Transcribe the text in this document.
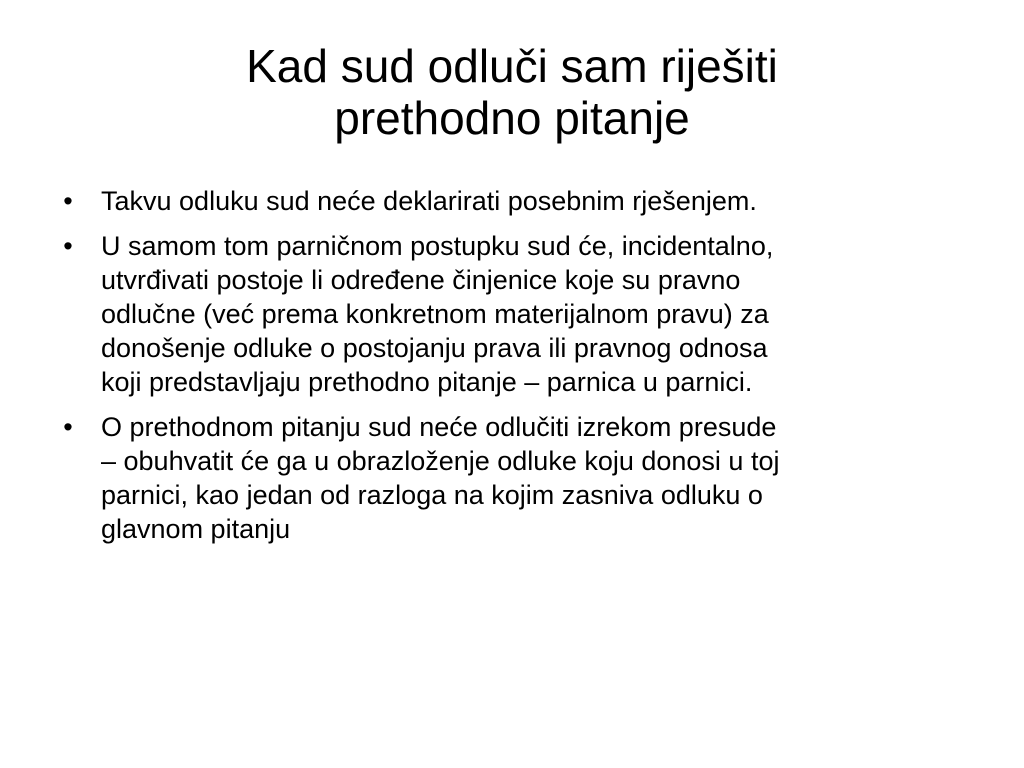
Kad sud odluči sam riješiti
prethodno pitanje
• Takvu odluku sud neće deklarirati posebnim rješenjem.
• U samom tom parničnom postupku sud će, incidentalno,
utvrđivati postoje li određene činjenice koje su pravno
odlučne (već prema konkretnom materijalnom pravu) za
donošenje odluke o postojanju prava ili pravnog odnosa
koji predstavljaju prethodno pitanje – parnica u parnici.
• O prethodnom pitanju sud neće odlučiti izrekom presude
– obuhvatit će ga u obrazloženje odluke koju donosi u toj
parnici, kao jedan od razloga na kojim zasniva odluku o
glavnom pitanju
